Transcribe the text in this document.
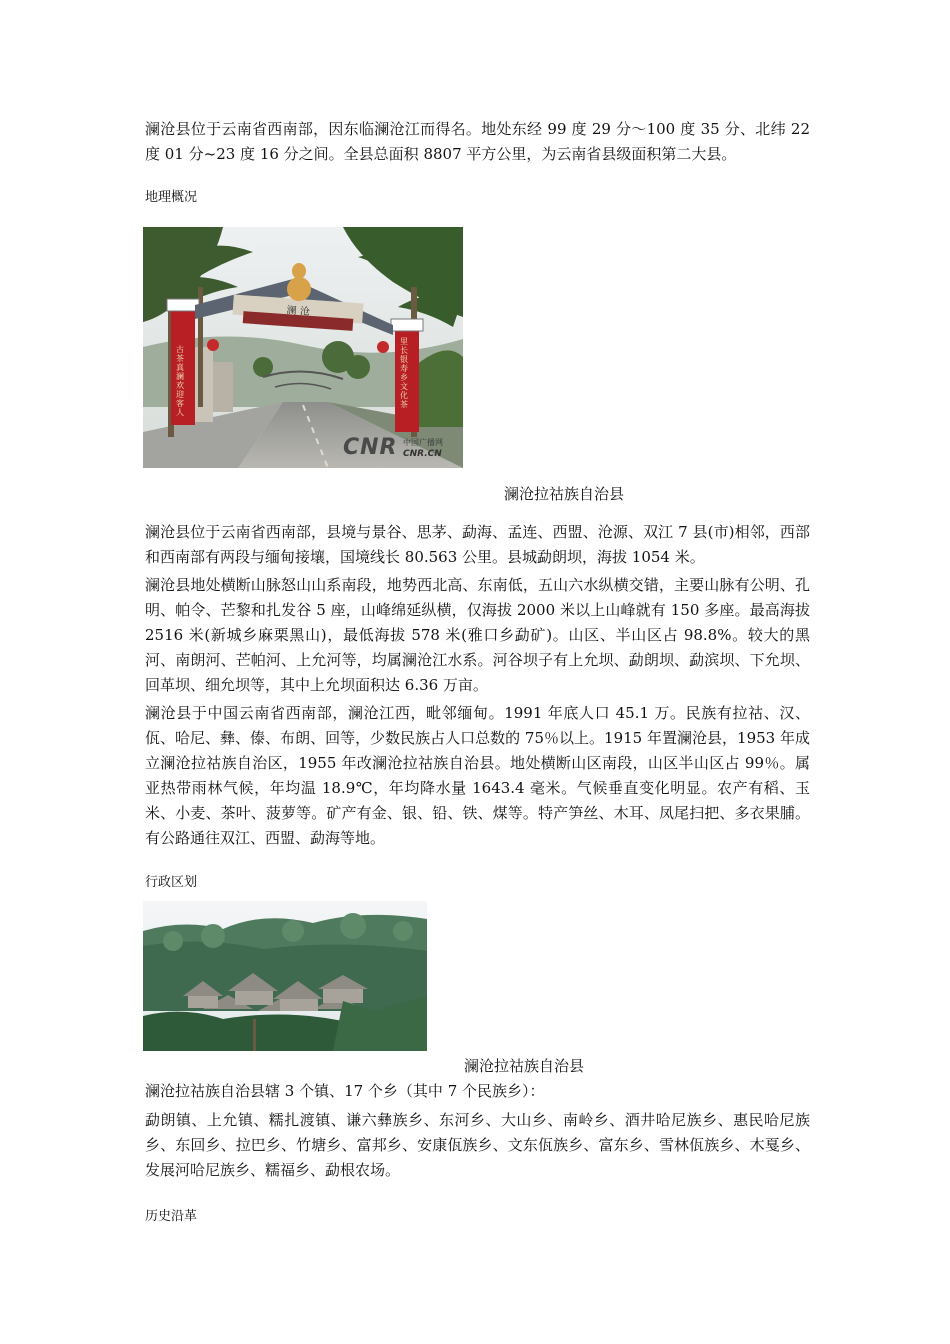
澜沧县位于云南省西南部，因东临澜沧江而得名。地处东经 99 度 29 分～100 度 35 分、北纬 22 度 01 分~23 度 16 分之间。全县总面积 8807 平方公里，为云南省县级面积第二大县。

地理概况
澜 沧
古茶真澜欢迎客人
里长银寿乡文化茶
CNR 中国广播网
CNR.CN
澜沧拉祜族自治县

澜沧县位于云南省西南部，县境与景谷、思茅、勐海、孟连、西盟、沧源、双江 7 县(市)相邻，西部和西南部有两段与缅甸接壤，国境线长 80.563 公里。县城勐朗坝，海拔 1054 米。

澜沧县地处横断山脉怒山山系南段，地势西北高、东南低，五山六水纵横交错，主要山脉有公明、孔明、帕令、芒黎和扎发谷 5 座，山峰绵延纵横，仅海拔 2000 米以上山峰就有 150 多座。最高海拔 2516 米(新城乡麻栗黑山)，最低海拔 578 米(雅口乡勐矿)。山区、半山区占 98.8%。较大的黑河、南朗河、芒帕河、上允河等，均属澜沧江水系。河谷坝子有上允坝、勐朗坝、勐滨坝、下允坝、回革坝、细允坝等，其中上允坝面积达 6.36 万亩。

澜沧县于中国云南省西南部，澜沧江西，毗邻缅甸。1991 年底人口 45.1 万。民族有拉祜、汉、佤、哈尼、彝、傣、布朗、回等，少数民族占人口总数的 75％以上。1915 年置澜沧县，1953 年成立澜沧拉祜族自治区，1955 年改澜沧拉祜族自治县。地处横断山区南段，山区半山区占 99％。属亚热带雨林气候，年均温 18.9℃，年均降水量 1643.4 毫米。气候垂直变化明显。农产有稻、玉米、小麦、茶叶、菠萝等。矿产有金、银、铅、铁、煤等。特产笋丝、木耳、凤尾扫把、多衣果脯。有公路通往双江、西盟、勐海等地。

行政区划
澜沧拉祜族自治县

澜沧拉祜族自治县辖 3 个镇、17 个乡（其中 7 个民族乡）：

勐朗镇、上允镇、糯扎渡镇、谦六彝族乡、东河乡、大山乡、南岭乡、酒井哈尼族乡、惠民哈尼族乡、东回乡、拉巴乡、竹塘乡、富邦乡、安康佤族乡、文东佤族乡、富东乡、雪林佤族乡、木戛乡、发展河哈尼族乡、糯福乡、勐根农场。

历史沿革
